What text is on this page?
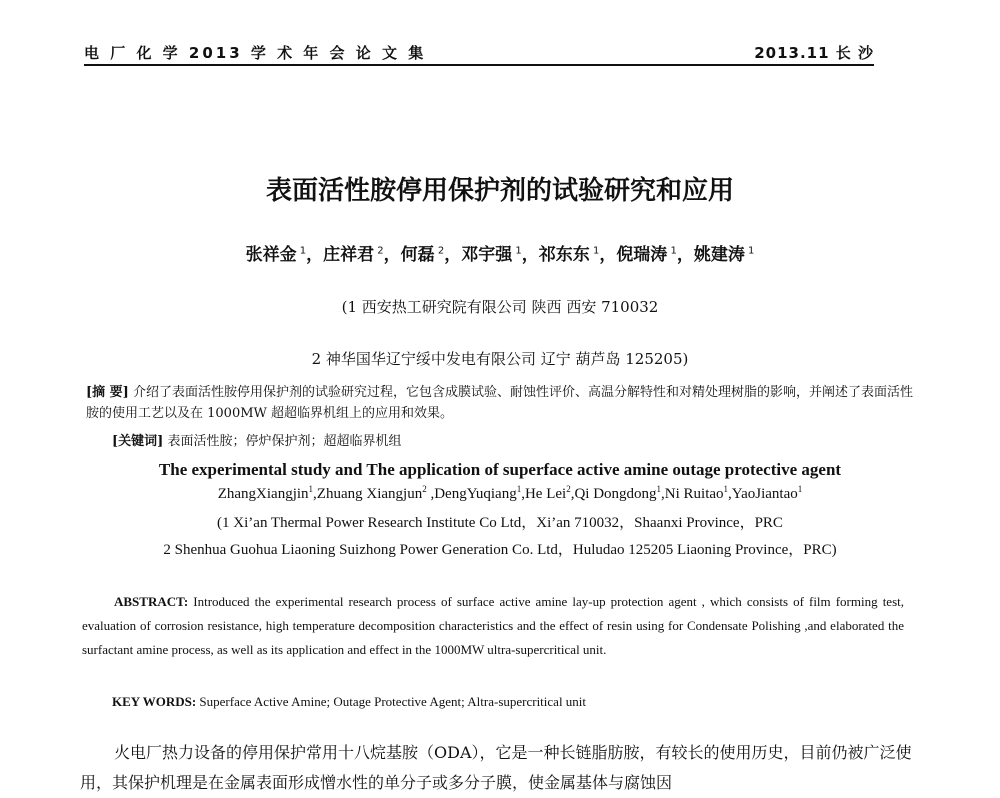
电 厂 化 学 2013 学 术 年 会 论 文 集	2013.11 长 沙
表面活性胺停用保护剂的试验研究和应用
张祥金 $^1$，庄祥君 $^2$，何磊 $^2$，邓宇强 $^1$，祁东东 $^1$，倪瑞涛 $^1$，姚建涛 $^1$
(1 西安热工研究院有限公司 陕西 西安 710032
2 神华国华辽宁绥中发电有限公司 辽宁 葫芦岛 125205)
[摘 要] 介绍了表面活性胺停用保护剂的试验研究过程，它包含成膜试验、耐蚀性评价、高温分解特性和对精处理树脂的影响，并阐述了表面活性胺的使用工艺以及在 1000MW 超超临界机组上的应用和效果。
[关键词] 表面活性胺；停炉保护剂；超超临界机组
The experimental study and The application of superface active amine outage protective agent
ZhangXiangjin$^1$,Zhuang Xiangjun$^2$ ,DengYuqiang$^1$,He Lei$^2$,Qi Dongdong$^1$,Ni Ruitao$^1$,YaoJiantao$^1$
(1 Xi’an Thermal Power Research Institute Co Ltd，Xi’an 710032，Shaanxi Province，PRC
2 Shenhua Guohua Liaoning Suizhong Power Generation Co. Ltd，Huludao 125205 Liaoning Province，PRC)
ABSTRACT: Introduced the experimental research process of surface active amine lay-up protection agent , which consists of film forming test, evaluation of corrosion resistance, high temperature decomposition characteristics and the effect of resin using for Condensate Polishing ,and elaborated the surfactant amine process, as well as its application and effect in the 1000MW ultra-supercritical unit.
KEY WORDS: Superface Active Amine; Outage Protective Agent; Altra-supercritical unit
火电厂热力设备的停用保护常用十八烷基胺（ODA），它是一种长链脂肪胺，有较长的使用历史，目前仍被广泛使用，其保护机理是在金属表面形成憎水性的单分子或多分子膜，使金属基体与腐蚀因
